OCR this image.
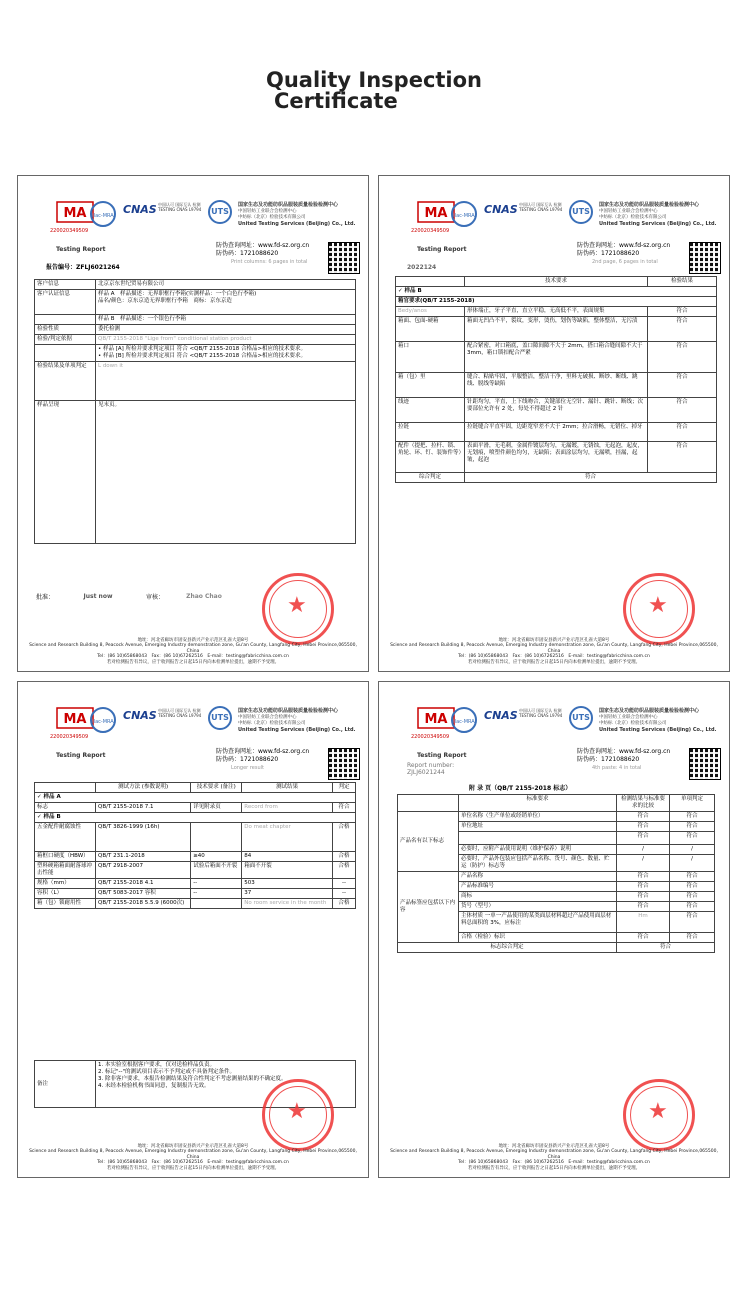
Quality Inspection
Certificate
MA
220020349509
ilac-MRA CNAS 中国认可 国际互认 检测 TESTING CNAS L9794	UTS
国家生态及功能纺织品服装质量检验检测中心
中国轻纺工业联合会检测中心
中纺标（北京）检验技术有限公司
United Testing Services (Beijing) Co., Ltd.
Testing Report
报告编号：ZFLJ6021264
防伪查询网址：www.fd-sz.org.cn
防伪码：1721088620
Print columns: 6 pages in total
客户信息	北京京东世纪贸易有限公司
客户认证信息	样品 A　样品描述：无界职框行李箱(实测样品：一个白色行李箱)
品名/颜色：京东京造无界职框行李箱　商标：京东京造
	样品 B　样品描述：一个银色行李箱
检验性质	委托检测
检验/判定依据	QB/T 2155-2018 "Lige from" conditional station product
	• 样品 [A] 所检并要求判定项目 符合 <QB/T 2155-2018 合格品>相应的技术要求。
• 样品 [B] 所检并要求判定项目 符合 <QB/T 2155-2018 合格品>相应的技术要求。
检验结果及单项判定	L down it
样品呈现	见末页。
批准：	Just now	审核：	Zhao Chao	★
地址：河北省廊坊市固安县新兴产业示范区孔雀大道8号
Science and Research Building 8, Peacock Avenue, Emerging Industry demonstration zone, Gu'an County, Langfang City, Hebei Province,065500, China
Tel：(86 10)65868043　Fax：(86 10)67262516　E-mail：testing@fabricchina.com.cn
若对检测报告有异议，应于收到报告之日起15日内向本检测单位提出，逾期不予受理。
MA
220020349509
ilac-MRA CNAS 中国认可 国际互认 检测 TESTING CNAS L9794	UTS
国家生态及功能纺织品服装质量检验检测中心
中国轻纺工业联合会检测中心
中纺标（北京）检验技术有限公司
United Testing Services (Beijing) Co., Ltd.
Testing Report
2022124
防伪查询网址：www.fd-sz.org.cn
防伪码：1721088620
2nd page, 6 pages in total
	技术要求	检验结果
✓ 样品 B		
箱官要求(QB/T 2155-2018)		
Bedy/anos	形体端正，牙子平直，直立平稳，无高低不平，表面规集	符合
箱面、包面-硬箱	箱面无凹凸不平，裂纹，变形，烫伤，划伤等缺陷，整体整洁，无污渍	符合
箱口	配合紧密，对口箱底，盖口隙间隙不大于 2mm，搭口箱合缝间隙不大于 3mm，箱口锁扣配合严紧	符合
箱（包）里	缝合、粘贴牢固，平服整洁，整洁干净，里料无破损、断纱、断线、跳线、脱线等缺陷	符合
线迹	针距均匀，平直，上下线吻合，关键部位无空针、漏针、跳针、断线；次要部位允许有 2 处，每处不得超过 2 针	符合
拉链	拉链缝合平直牢固，边距宽窄差不大于 2mm；拉合滑畅，无错位、掉牙	符合
配件（提把、拉杆、锁、角轮、环、钉、装饰件等）	表面平滑，无毛刺，金属件镀层均匀，无漏镀，无锈蚀，无起泡，起皮，无划痕，喷塑件颜色均匀，无缺陷；表面涂层均匀，无漏喷，挂漏，起皱，起泡	符合
综合判定	符合	
★
地址：河北省廊坊市固安县新兴产业示范区孔雀大道8号
Science and Research Building 8, Peacock Avenue, Emerging Industry demonstration zone, Gu'an County, Langfang City, Hebei Province,065500, China
Tel：(86 10)65868043　Fax：(86 10)67262516　E-mail：testing@fabricchina.com.cn
若对检测报告有异议，应于收到报告之日起15日内向本检测单位提出，逾期不予受理。
MA
220020349509
ilac-MRA CNAS 中国认可 国际互认 检测 TESTING CNAS L9794	UTS
国家生态及功能纺织品服装质量检验检测中心
中国轻纺工业联合会检测中心
中纺标（北京）检验技术有限公司
United Testing Services (Beijing) Co., Ltd.
Testing Report
防伪查询网址：www.fd-sz.org.cn
防伪码：1721088620
Longer result
	测试方法 (参数说明)	技术要求 (备注)	测试结果	判定
✓ 样品 A				
标志	QB/T 2155-2018 7.1	详见附录页	Record from	符合
✓ 样品 B				
五金配件耐腐蚀性	QB/T 3826-1999 (16h)		Do meat chapter	合格
箱框口硬度（HBW）	QB/T 231.1-2018	≥40	84	合格
塑料硬箱箱面耐落球冲击性能	QB/T 2918-2007	试验后箱面不开裂	箱面不开裂	合格
规格（mm）	QB/T 2155-2018 4.1	--	503	--
容积（L）	QB/T 5083-2017 容积	--	37	--
箱（包）锁耐用性	QB/T 2155-2018 5.5.9 (6000次)		No room service in the month	合格
备注	
1. 本实验室根据客户要求，仅对送检样品负责。
2. 标记"--"的测试项目表示不予判定或不具备判定条件。
3. 除非客户要求，本报告检测结果及符合性判定不考虑测量结果的不确定度。
4. 未经本检验机构书面同意，复制报告无效。
★
地址：河北省廊坊市固安县新兴产业示范区孔雀大道8号
Science and Research Building 8, Peacock Avenue, Emerging Industry demonstration zone, Gu'an County, Langfang City, Hebei Province,065500, China
Tel：(86 10)65868043　Fax：(86 10)67262516　E-mail：testing@fabricchina.com.cn
若对检测报告有异议，应于收到报告之日起15日内向本检测单位提出，逾期不予受理。
MA
220020349509
ilac-MRA CNAS 中国认可 国际互认 检测 TESTING CNAS L9794	UTS
国家生态及功能纺织品服装质量检验检测中心
中国轻纺工业联合会检测中心
中纺标（北京）检验技术有限公司
United Testing Services (Beijing) Co., Ltd.
Testing Report
Report number: ZJLJ6021244
防伪查询网址：www.fd-sz.org.cn
防伪码：1721088620
4th paste: 4 in total
附 录 页（QB/T 2155-2018 标志）
	标准要求	检测结果与标准要求的比较	单项判定
产品名有以下标志	单位名称（生产单位或经销单位）	符合	符合
	单位地址	符合	符合
		符合	符合
	必要时，应附产品使用说明（维护保养）说明	/	/
	必要时，产品外包装应包括产品名称、货号、颜色、数量、贮运（防护）标志等	/	/
产品标签应包括以下内容	产品名称	符合	符合
	产品标准编号	符合	符合
	商标	符合	符合
	货号（型号）	符合	符合
	主体材质 一单一产品使用的某类面层材料超过产品使用面层材料总面积的 3%，应标注	Hm	符合
	合格（检验）标识	符合	符合
标志综合判定		符合	
★
地址：河北省廊坊市固安县新兴产业示范区孔雀大道8号
Science and Research Building 8, Peacock Avenue, Emerging Industry demonstration zone, Gu'an County, Langfang City, Hebei Province,065500, China
Tel：(86 10)65868043　Fax：(86 10)67262516　E-mail：testing@fabricchina.com.cn
若对检测报告有异议，应于收到报告之日起15日内向本检测单位提出，逾期不予受理。
